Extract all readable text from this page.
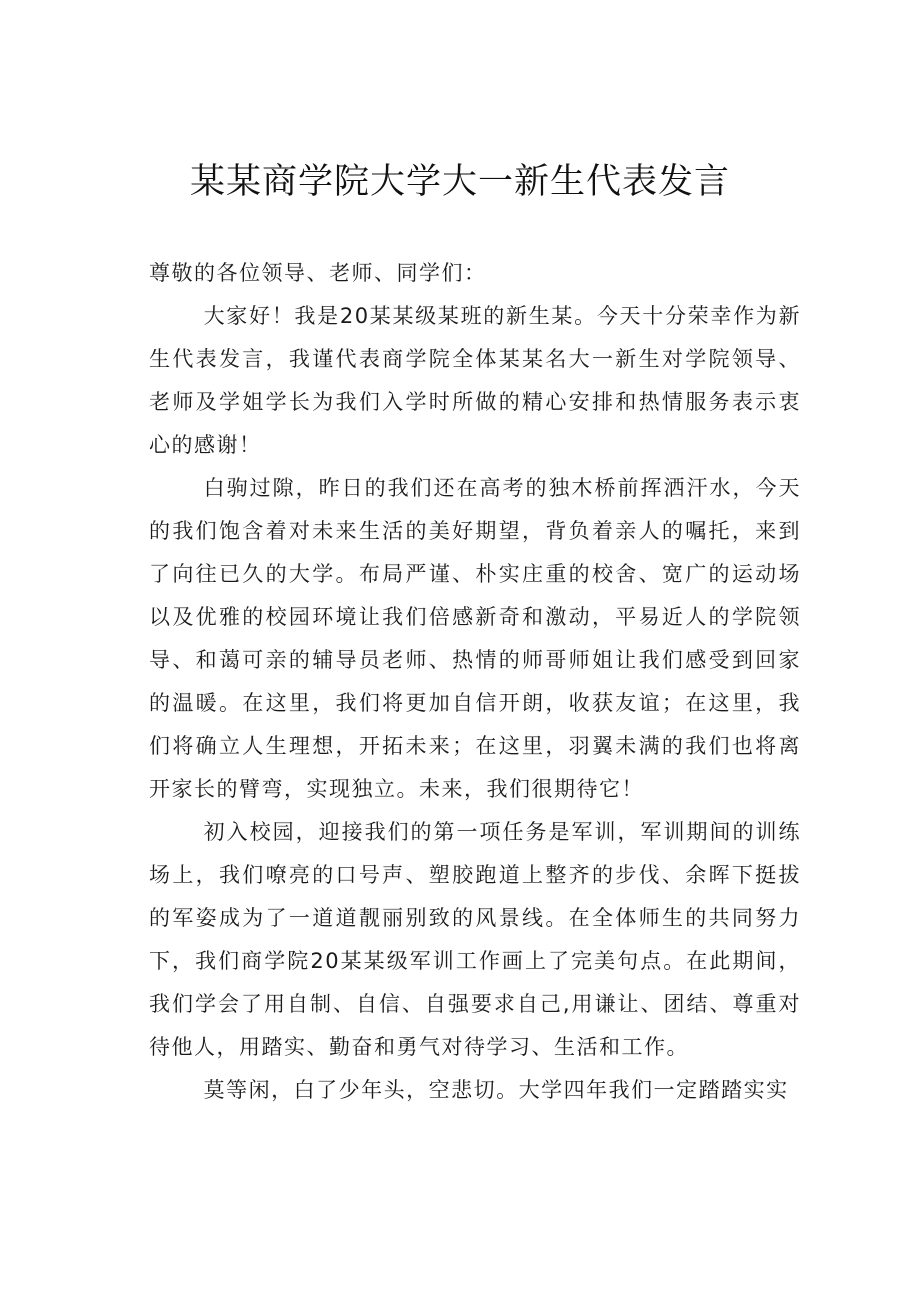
某某商学院大学大一新生代表发言

尊敬的各位领导、老师、同学们：

大家好！我是20某某级某班的新生某。今天十分荣幸作为新生代表发言，我谨代表商学院全体某某名大一新生对学院领导、老师及学姐学长为我们入学时所做的精心安排和热情服务表示衷心的感谢！

白驹过隙，昨日的我们还在高考的独木桥前挥洒汗水，今天的我们饱含着对未来生活的美好期望，背负着亲人的嘱托，来到了向往已久的大学。布局严谨、朴实庄重的校舍、宽广的运动场以及优雅的校园环境让我们倍感新奇和激动，平易近人的学院领导、和蔼可亲的辅导员老师、热情的师哥师姐让我们感受到回家的温暖。在这里，我们将更加自信开朗，收获友谊；在这里，我们将确立人生理想，开拓未来；在这里，羽翼未满的我们也将离开家长的臂弯，实现独立。未来，我们很期待它！

初入校园，迎接我们的第一项任务是军训，军训期间的训练场上，我们嘹亮的口号声、塑胶跑道上整齐的步伐、余晖下挺拔的军姿成为了一道道靓丽别致的风景线。在全体师生的共同努力下，我们商学院20某某级军训工作画上了完美句点。在此期间，我们学会了用自制、自信、自强要求自己,用谦让、团结、尊重对待他人，用踏实、勤奋和勇气对待学习、生活和工作。

莫等闲，白了少年头，空悲切。大学四年我们一定踏踏实实
